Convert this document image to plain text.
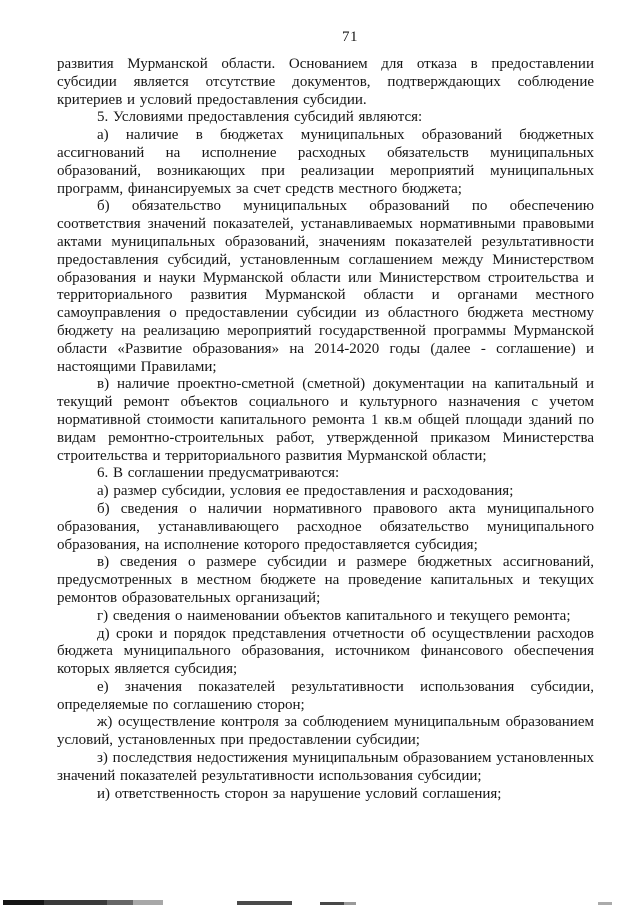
71

развития Мурманской области. Основанием для отказа в предоставлении субсидии является отсутствие документов, подтверждающих соблюдение критериев и условий предоставления субсидии.

5. Условиями предоставления субсидий являются:

а) наличие в бюджетах муниципальных образований бюджетных ассигнований на исполнение расходных обязательств муниципальных образований, возникающих при реализации мероприятий муниципальных программ, финансируемых за счет средств местного бюджета;

б) обязательство муниципальных образований по обеспечению соответствия значений показателей, устанавливаемых нормативными правовыми актами муниципальных образований, значениям показателей результативности предоставления субсидий, установленным соглашением между Министерством образования и науки Мурманской области или Министерством строительства и территориального развития Мурманской области и органами местного самоуправления о предоставлении субсидии из областного бюджета местному бюджету на реализацию мероприятий государственной программы Мурманской области «Развитие образования» на 2014-2020 годы (далее - соглашение) и настоящими Правилами;

в) наличие проектно-сметной (сметной) документации на капитальный и текущий ремонт объектов социального и культурного назначения с учетом нормативной стоимости капитального ремонта 1 кв.м общей площади зданий по видам ремонтно-строительных работ, утвержденной приказом Министерства строительства и территориального развития Мурманской области;

6. В соглашении предусматриваются:

а) размер субсидии, условия ее предоставления и расходования;

б) сведения о наличии нормативного правового акта муниципального образования, устанавливающего расходное обязательство муниципального образования, на исполнение которого предоставляется субсидия;

в) сведения о размере субсидии и размере бюджетных ассигнований, предусмотренных в местном бюджете на проведение капитальных и текущих ремонтов образовательных организаций;

г) сведения о наименовании объектов капитального и текущего ремонта;

д) сроки и порядок представления отчетности об осуществлении расходов бюджета муниципального образования, источником финансового обеспечения которых является субсидия;

е) значения показателей результативности использования субсидии, определяемые по соглашению сторон;

ж) осуществление контроля за соблюдением муниципальным образованием условий, установленных при предоставлении субсидии;

з) последствия недостижения муниципальным образованием установленных значений показателей результативности использования субсидии;

и) ответственность сторон за нарушение условий соглашения;
